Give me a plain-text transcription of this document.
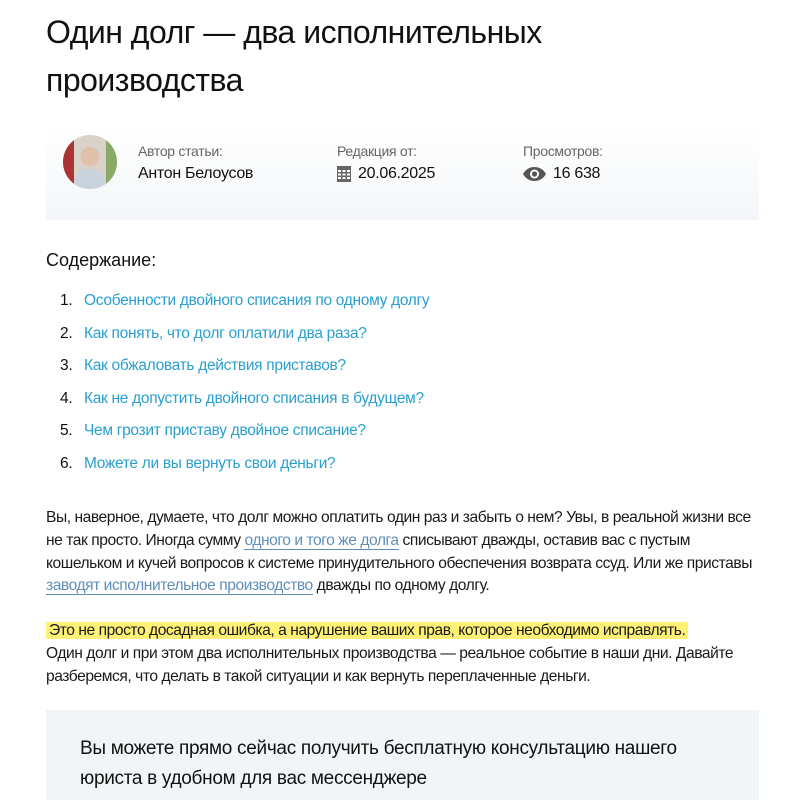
Один долг — два исполнительных производства
Автор статьи:
Антон Белоусов
Редакция от:
20.06.2025
Просмотров:
16 638
Содержание:
1. Особенности двойного списания по одному долгу
2. Как понять, что долг оплатили два раза?
3. Как обжаловать действия приставов?
4. Как не допустить двойного списания в будущем?
5. Чем грозит приставу двойное списание?
6. Можете ли вы вернуть свои деньги?

Вы, наверное, думаете, что долг можно оплатить один раз и забыть о нем? Увы, в реальной жизни все не так просто. Иногда сумму одного и того же долга списывают дважды, оставив вас с пустым кошельком и кучей вопросов к системе принудительного обеспечения возврата ссуд. Или же приставы заводят исполнительное производство дважды по одному долгу.

Это не просто досадная ошибка, а нарушение ваших прав, которое необходимо исправлять.
Один долг и при этом два исполнительных производства — реальное событие в наши дни. Давайте разберемся, что делать в такой ситуации и как вернуть переплаченные деньги.

Вы можете прямо сейчас получить бесплатную консультацию нашего юриста в удобном для вас мессенджере
